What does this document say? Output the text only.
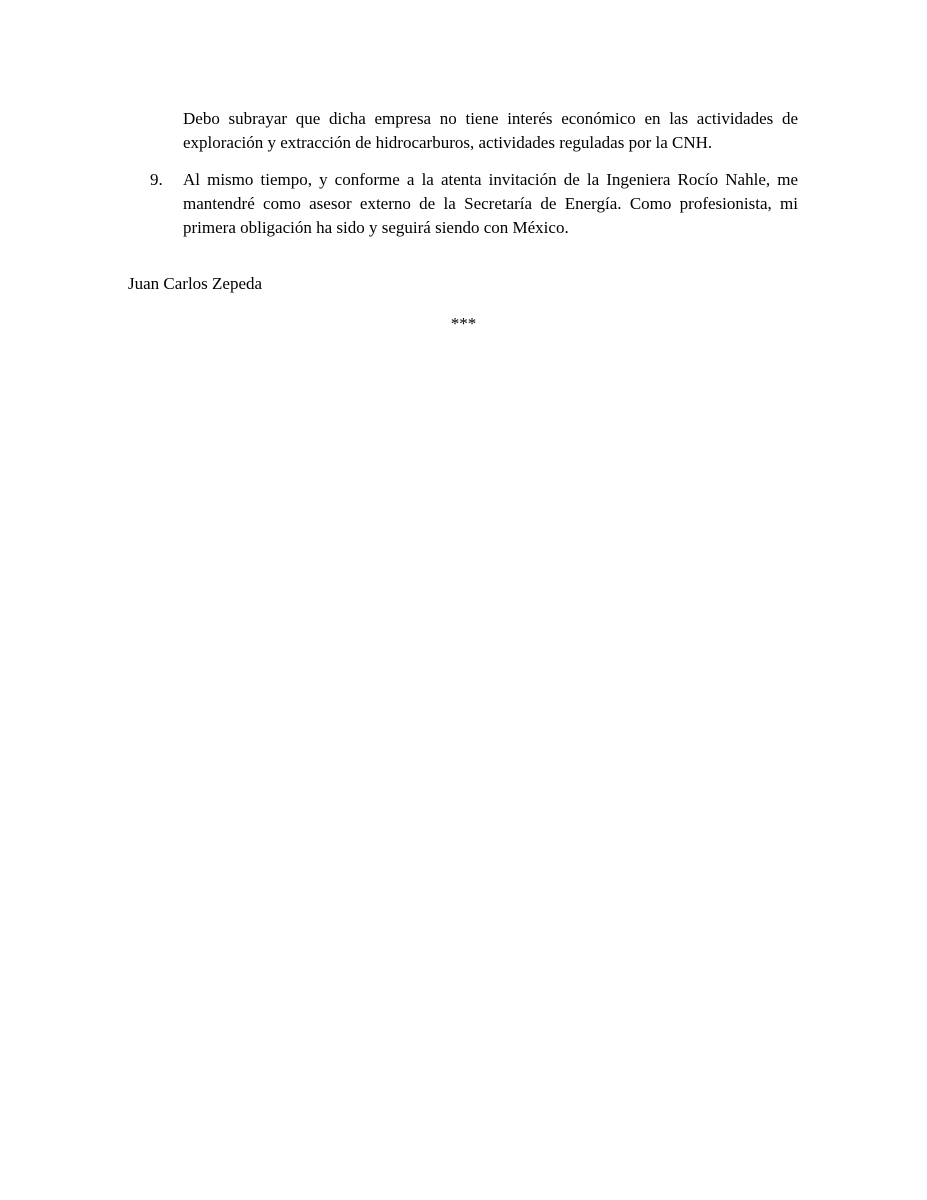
Debo subrayar que dicha empresa no tiene interés económico en las actividades de exploración y extracción de hidrocarburos, actividades reguladas por la CNH.

9.	Al mismo tiempo, y conforme a la atenta invitación de la Ingeniera Rocío Nahle, me mantendré como asesor externo de la Secretaría de Energía. Como profesionista, mi primera obligación ha sido y seguirá siendo con México.

Juan Carlos Zepeda

***
